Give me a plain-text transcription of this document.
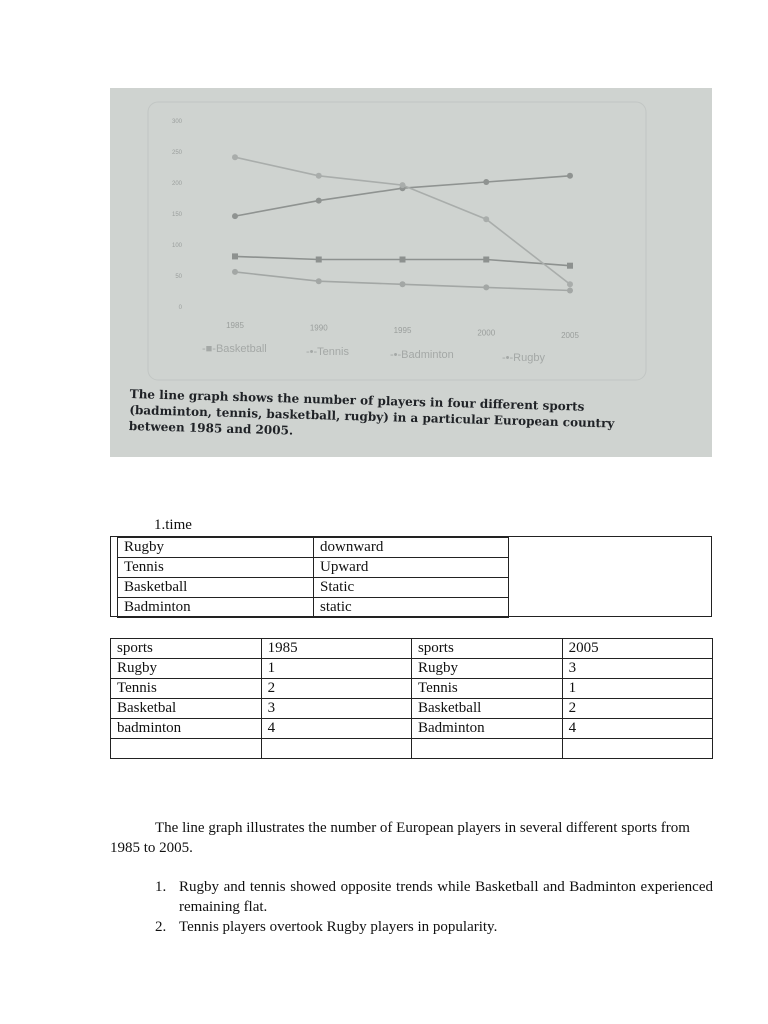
300
250
200
150
100
50
0
1985	1990	1995	2000	2005
-■-Basketball	-•-Tennis	-•-Badminton	-•-Rugby
The line graph shows the number of players in four different sports (badminton, tennis, basketball, rugby) in a particular European country between 1985 and 2005.
1.time
Rugby	downward
Tennis	Upward
Basketball	Static
Badminton	static
sports	1985	sports	2005
Rugby	1	Rugby	3
Tennis	2	Tennis	1
Basketbal	3	Basketball	2
badminton	4	Badminton	4

The line graph illustrates the number of European players in several different sports from 1985 to 2005.
1. Rugby and tennis showed opposite trends while Basketball and Badminton experienced remaining flat.
2. Tennis players overtook Rugby players in popularity.
